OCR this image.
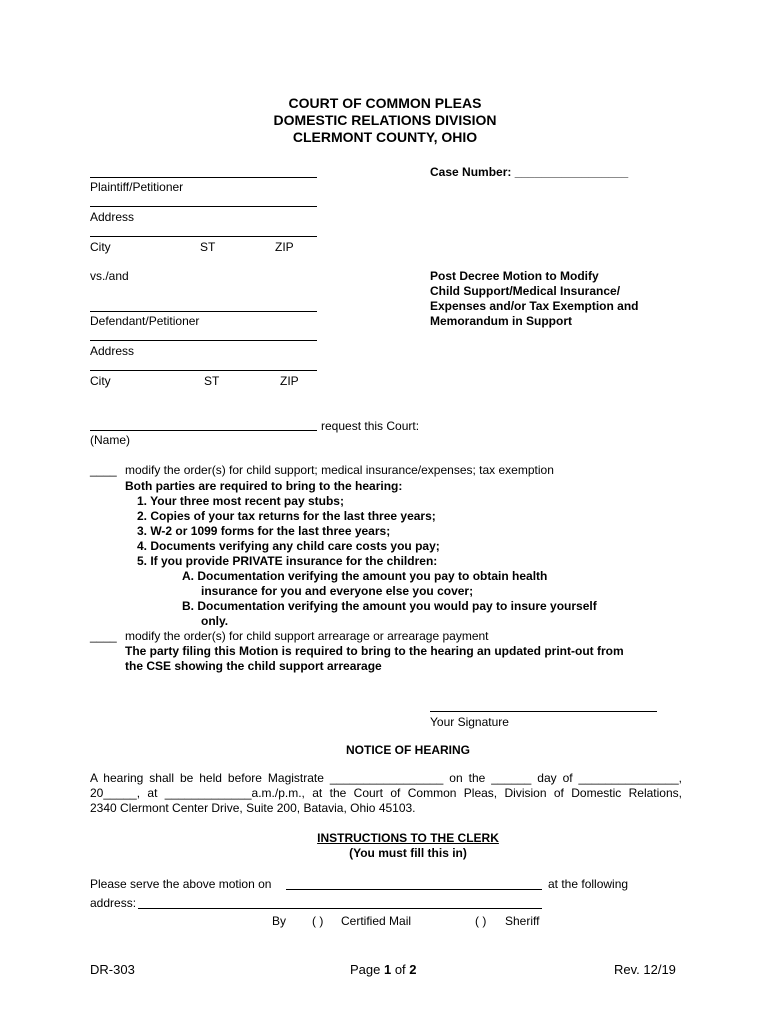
COURT OF COMMON PLEAS
DOMESTIC RELATIONS DIVISION
CLERMONT COUNTY, OHIO
Case Number: _________________
Plaintiff/Petitioner
Address
City	ST	ZIP
vs./and	Post Decree Motion to Modify
Child Support/Medical Insurance/
Expenses and/or Tax Exemption and
Memorandum in Support
Defendant/Petitioner
Address
City	ST	ZIP
request this Court:
(Name)
____ modify the order(s) for child support; medical insurance/expenses; tax exemption
Both parties are required to bring to the hearing:
1. Your three most recent pay stubs;
2. Copies of your tax returns for the last three years;
3. W-2 or 1099 forms for the last three years;
4. Documents verifying any child care costs you pay;
5. If you provide PRIVATE insurance for the children:
A. Documentation verifying the amount you pay to obtain health
insurance for you and everyone else you cover;
B. Documentation verifying the amount you would pay to insure yourself
only.
____ modify the order(s) for child support arrearage or arrearage payment
The party filing this Motion is required to bring to the hearing an updated print-out from
the CSE showing the child support arrearage
Your Signature
NOTICE OF HEARING
A hearing shall be held before Magistrate _________________ on the ______ day of _______________,
20_____, at _____________a.m./p.m., at the Court of Common Pleas, Division of Domestic Relations,
2340 Clermont Center Drive, Suite 200, Batavia, Ohio 45103.
INSTRUCTIONS TO THE CLERK
(You must fill this in)
Please serve the above motion on	at the following
address:
By ( ) Certified Mail	( ) Sheriff
DR-303	Page 1 of 2	Rev. 12/19
